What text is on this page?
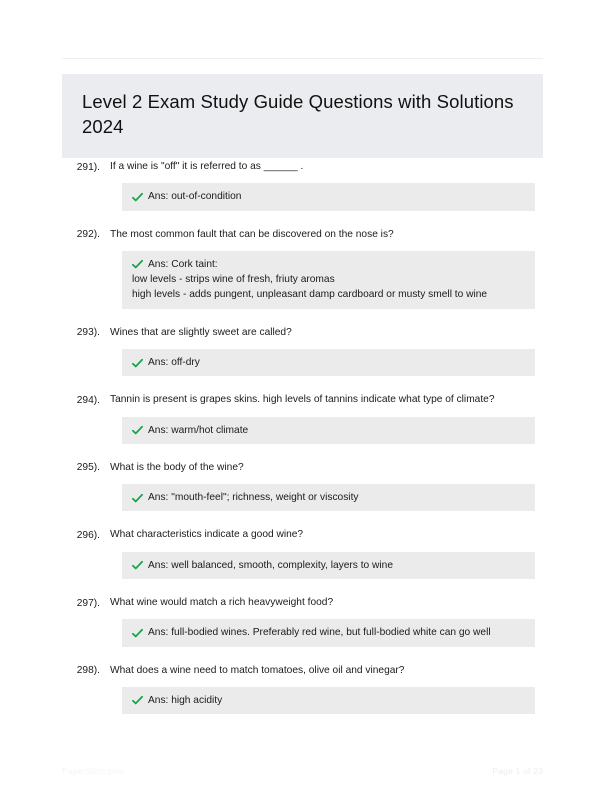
Level 2 Exam Study Guide Questions with Solutions 2024
291). If a wine is "off" it is referred to as ______ .
Ans: out-of-condition
292). The most common fault that can be discovered on the nose is?
Ans: Cork taint:
low levels - strips wine of fresh, friuty aromas
high levels - adds pungent, unpleasant damp cardboard or musty smell to wine
293). Wines that are slightly sweet are called?
Ans: off-dry
294). Tannin is present is grapes skins. high levels of tannins indicate what type of climate?
Ans: warm/hot climate
295). What is the body of the wine?
Ans: "mouth-feel"; richness, weight or viscosity
296). What characteristics indicate a good wine?
Ans: well balanced, smooth, complexity, layers to wine
297). What wine would match a rich heavyweight food?
Ans: full-bodied wines. Preferably red wine, but full-bodied white can go well
298). What does a wine need to match tomatoes, olive oil and vinegar?
Ans: high acidity
PaperStitic.com	Page 1 of 23
